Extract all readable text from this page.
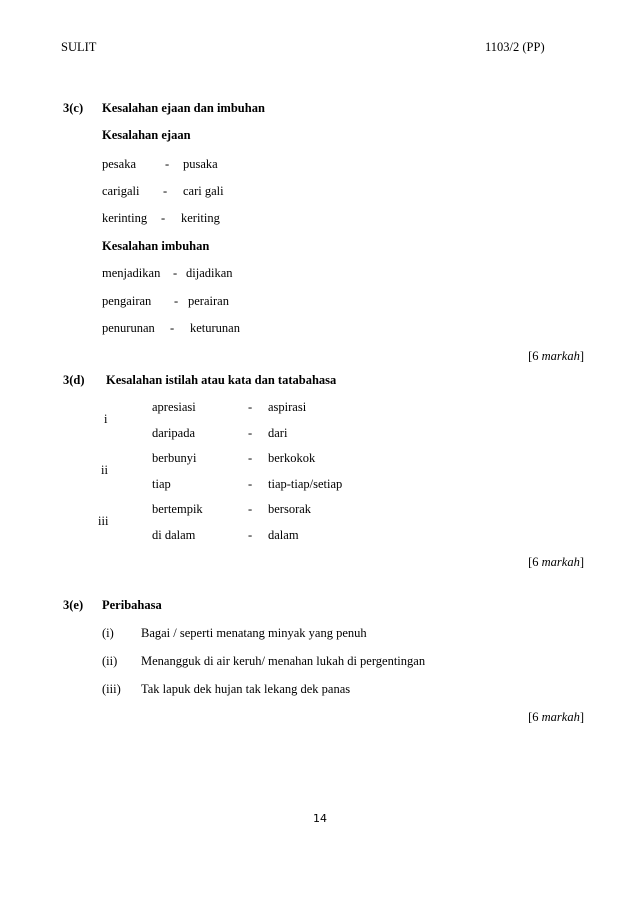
SULIT	1103/2 (PP)
3(c) Kesalahan ejaan dan imbuhan
Kesalahan ejaan
pesaka - pusaka
carigali - cari gali
kerinting - keriting
Kesalahan imbuhan
menjadikan - dijadikan
pengairan - perairan
penurunan - keturunan
[6 markah]
3(d) Kesalahan istilah atau kata dan tatabahasa
i
apresiasi	- aspirasi
daripada	- dari
ii
berbunyi	- berkokok
tiap	- tiap-tiap/setiap
iii
bertempik	- bersorak
di dalam	- dalam
[6 markah]
3(e) Peribahasa
(i) Bagai / seperti menatang minyak yang penuh
(ii) Menangguk di air keruh/ menahan lukah di pergentingan
(iii) Tak lapuk dek hujan tak lekang dek panas
[6 markah]
14
